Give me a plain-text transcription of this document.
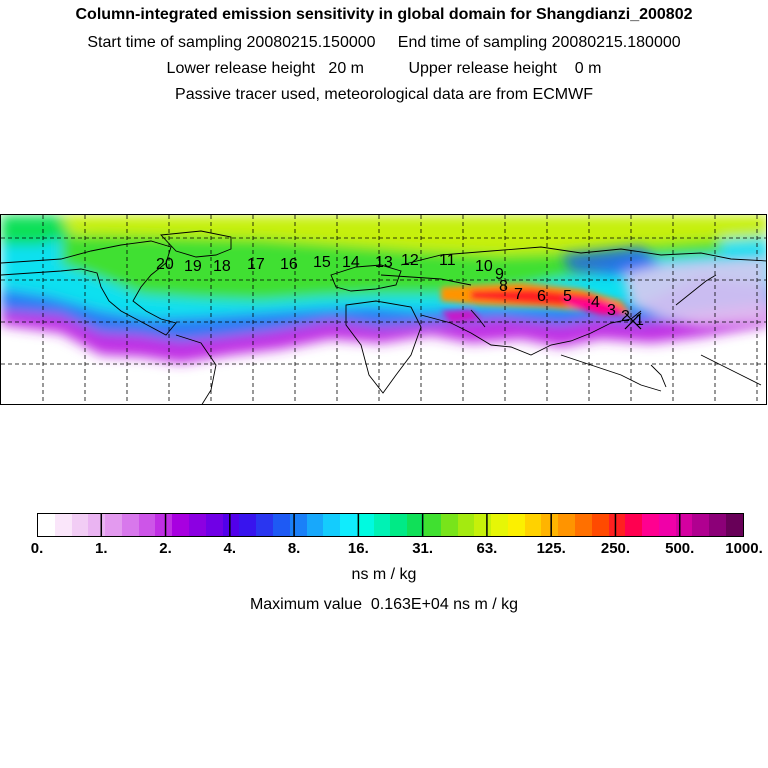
Column-integrated emission sensitivity in global domain for Shangdianzi_200802
Start time of sampling 20080215.150000     End time of sampling 20080215.180000
Lower release height   20 m          Upper release height    0 m
Passive tracer used, meteorological data are from ECMWF
20 19 18 17 16 15 14 13 12 11 10 9
8 7 6 5 4 3 2 1
0.	1.	2.	4.	8.	16.	31.	63.	125. 250. 500. 1000.
ns m / kg
Maximum value  0.163E+04 ns m / kg
